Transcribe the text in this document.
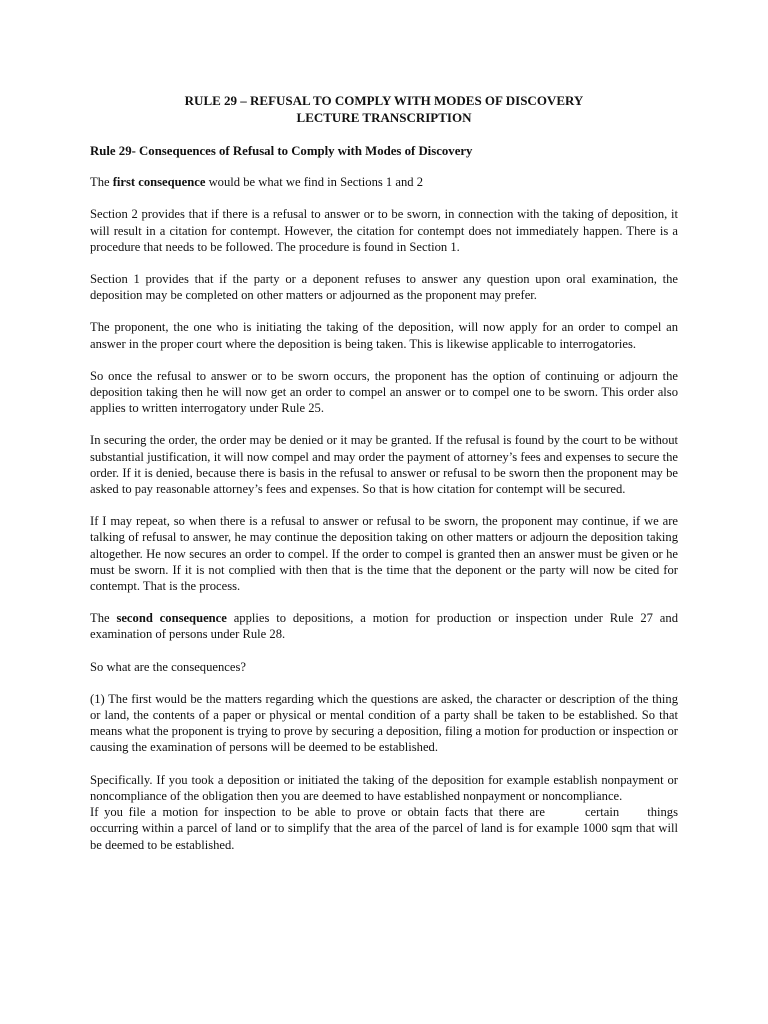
RULE 29 – REFUSAL TO COMPLY WITH MODES OF DISCOVERY
LECTURE TRANSCRIPTION
Rule 29- Consequences of Refusal to Comply with Modes of Discovery

The first consequence would be what we find in Sections 1 and 2

Section 2 provides that if there is a refusal to answer or to be sworn, in connection with the taking of deposition, it will result in a citation for contempt. However, the citation for contempt does not immediately happen. There is a procedure that needs to be followed. The procedure is found in Section 1.

Section 1 provides that if the party or a deponent refuses to answer any question upon oral examination, the deposition may be completed on other matters or adjourned as the proponent may prefer.

The proponent, the one who is initiating the taking of the deposition, will now apply for an order to compel an answer in the proper court where the deposition is being taken. This is likewise applicable to interrogatories.

So once the refusal to answer or to be sworn occurs, the proponent has the option of continuing or adjourn the deposition taking then he will now get an order to compel an answer or to compel one to be sworn. This order also applies to written interrogatory under Rule 25.

In securing the order, the order may be denied or it may be granted. If the refusal is found by the court to be without substantial justification, it will now compel and may order the payment of attorney’s fees and expenses to secure the order. If it is denied, because there is basis in the refusal to answer or refusal to be sworn then the proponent may be asked to pay reasonable attorney’s fees and expenses. So that is how citation for contempt will be secured.

If I may repeat, so when there is a refusal to answer or refusal to be sworn, the proponent may continue, if we are talking of refusal to answer, he may continue the deposition taking on other matters or adjourn the deposition taking altogether. He now secures an order to compel. If the order to compel is granted then an answer must be given or he must be sworn. If it is not complied with then that is the time that the deponent or the party will now be cited for contempt. That is the process.

The second consequence applies to depositions, a motion for production or inspection under Rule 27 and examination of persons under Rule 28.

So what are the consequences?

(1) The first would be the matters regarding which the questions are asked, the character or description of the thing or land, the contents of a paper or physical or mental condition of a party shall be taken to be established. So that means what the proponent is trying to prove by securing a deposition, filing a motion for production or inspection or causing the examination of persons will be deemed to be established.

Specifically. If you took a deposition or initiated the taking of the deposition for example establish nonpayment or noncompliance of the obligation then you are deemed to have established nonpayment or noncompliance.

If you file a motion for inspection to be able to prove or obtain facts that there are	certain things occurring within a parcel of land or to simplify that the area of the parcel of land is for example 1000 sqm that will be deemed to be established.
